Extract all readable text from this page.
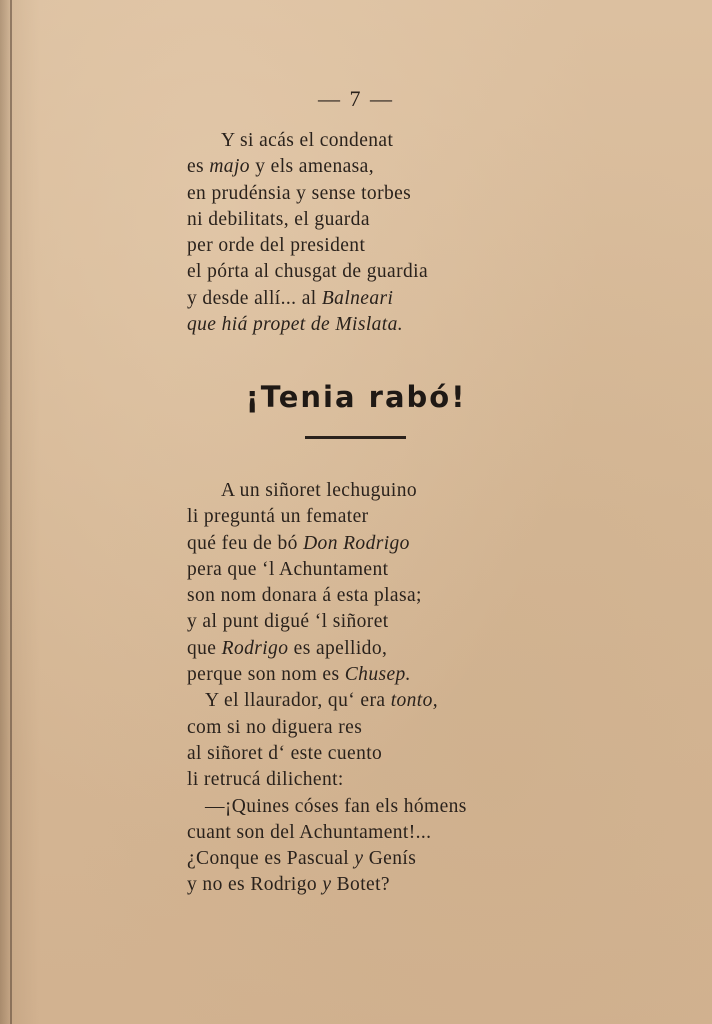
— 7 —
Y si acás el condenat
es majo y els amenasa,
en prudénsia y sense torbes
ni debilitats, el guarda
per orde del president
el pórta al chusgat de guardia
y desde allí... al Balneari
que hiá propet de Mislata.
¡Tenia rabó!
A un siñoret lechuguino
li preguntá un femater
qué feu de bó Don Rodrigo
pera que ‘l Achuntament
son nom donara á esta plasa;
y al punt digué ‘l siñoret
que Rodrigo es apellido,
perque son nom es Chusep.
Y el llaurador, qu‘ era tonto,
com si no diguera res
al siñoret d‘ este cuento
li retrucá dilichent:
—¡Quines cóses fan els hómens
cuant son del Achuntament!...
¿Conque es Pascual y Genís
y no es Rodrigo y Botet?
